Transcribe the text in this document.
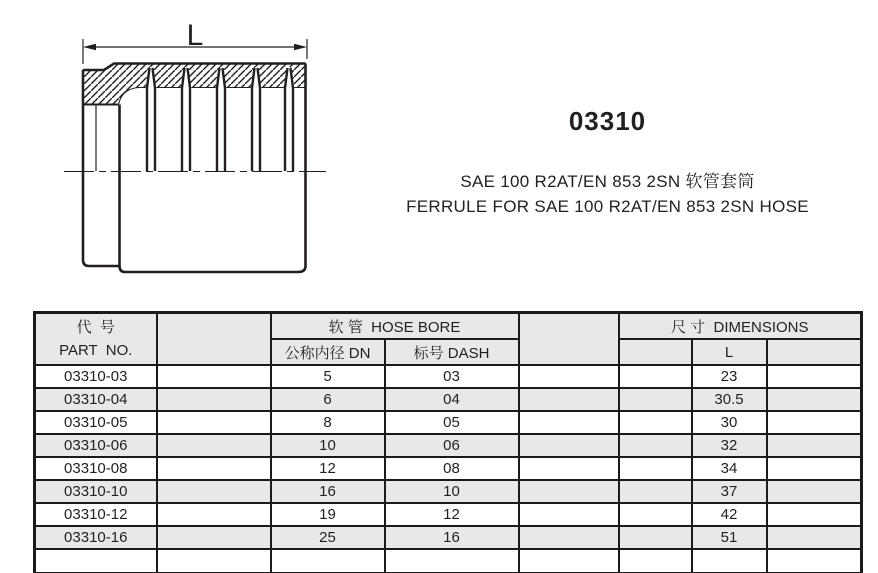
L
03310
SAE 100 R2AT/EN 853 2SN 软管套筒
FERRULE FOR SAE 100 R2AT/EN 853 2SN HOSE
代  号
PART  NO.		软 管  HOSE BORE			尺 寸  DIMENSIONS		
		公称内径 DN	标号 DASH			L	
03310-03		5	03			23	
03310-04		6	04			30.5	
03310-05		8	05			30	
03310-06		10	06			32	
03310-08		12	08			34	
03310-10		16	10			37	
03310-12		19	12			42	
03310-16		25	16			51	
